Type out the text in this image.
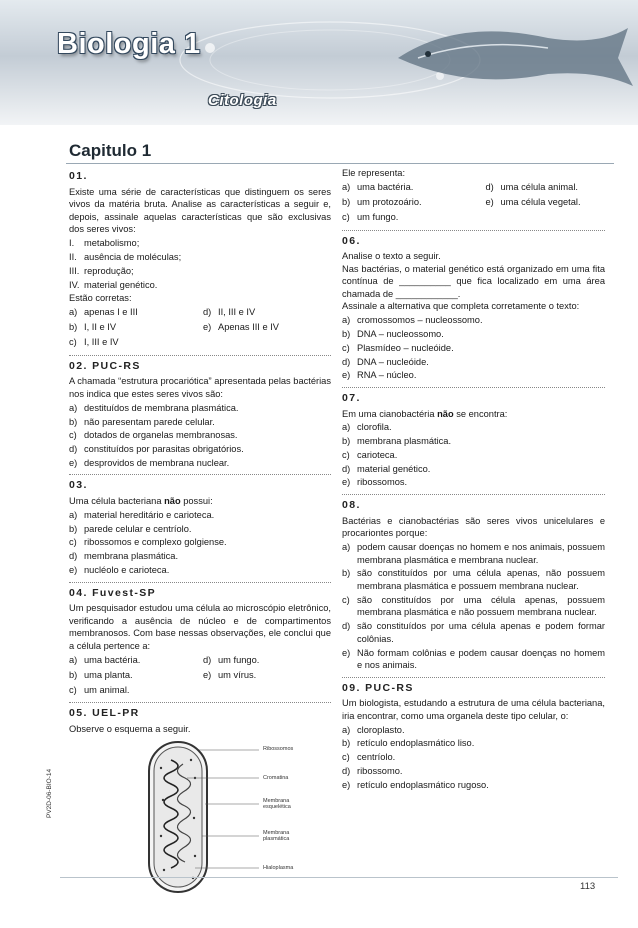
Biologia 1
Citologia
Capitulo 1
01.
Existe uma série de características que distinguem os seres vivos da matéria bruta. Analise as características a seguir e, depois, assinale aquelas características que são exclusivas dos seres vivos:
I. metabolismo;
II. ausência de moléculas;
III. reprodução;
IV. material genético.
Estão corretas:
a) apenas I e III	d) II, III e IV
b) I, II e IV	e) Apenas III e IV
c) I, III e IV
02. PUC-RS
A chamada “estrutura procariótica” apresentada pelas bactérias nos indica que estes seres vivos são:
a) destituídos de membrana plasmática.
b) não paresentam parede celular.
c) dotados de organelas membranosas.
d) constituídos por parasitas obrigatórios.
e) desprovidos de membrana nuclear.
03.
Uma célula bacteriana não possui:
a) material hereditário e carioteca.
b) parede celular e centríolo.
c) ribossomos e complexo golgiense.
d) membrana plasmática.
e) nucléolo e carioteca.
04. Fuvest-SP
Um pesquisador estudou uma célula ao microscópio eletrônico, verificando a ausência de núcleo e de compartimentos membranosos. Com base nessas observações, ele conclui que a célula pertence a:
a) uma bactéria.	d) um fungo.
b) uma planta.	e) um vírus.
c) um animal.
05. UEL-PR
Observe o esquema a seguir.
Ribossomos
Cromatina
Membrana esquelética
Membrana plasmática
Hialoplasma
Ele representa:
a) uma bactéria.	d) uma célula animal.
b) um protozoário.	e) uma célula vegetal.
c) um fungo.
06.
Analise o texto a seguir.
Nas bactérias, o material genético está organizado em uma fita contínua de __________ que fica localizado em uma área chamada de ____________.
Assinale a alternativa que completa corretamente o texto:
a) cromossomos – nucleossomo.
b) DNA – nucleossomo.
c) Plasmídeo – nucleóide.
d) DNA – nucleóide.
e) RNA – núcleo.
07.
Em uma cianobactéria não se encontra:
a) clorofila.
b) membrana plasmática.
c) carioteca.
d) material genético.
e) ribossomos.
08.
Bactérias e cianobactérias são seres vivos unicelulares e procariontes porque:
a) podem causar doenças no homem e nos animais, possuem membrana plasmática e membrana nuclear.
b) são constituídos por uma célula apenas, não possuem membrana plasmática e possuem membrana nuclear.
c) são constituídos por uma célula apenas, possuem membrana plasmática e não possuem membrana nuclear.
d) são constituídos por uma célula apenas e podem formar colônias.
e) Não formam colônias e podem causar doenças no homem e nos animais.
09. PUC-RS
Um biologista, estudando a estrutura de uma célula bacteriana, iria encontrar, como uma organela deste tipo celular, o:
a) cloroplasto.
b) retículo endoplasmático liso.
c) centríolo.
d) ribossomo.
e) retículo endoplasmático rugoso.
PV2D-06-BIO-14
113
